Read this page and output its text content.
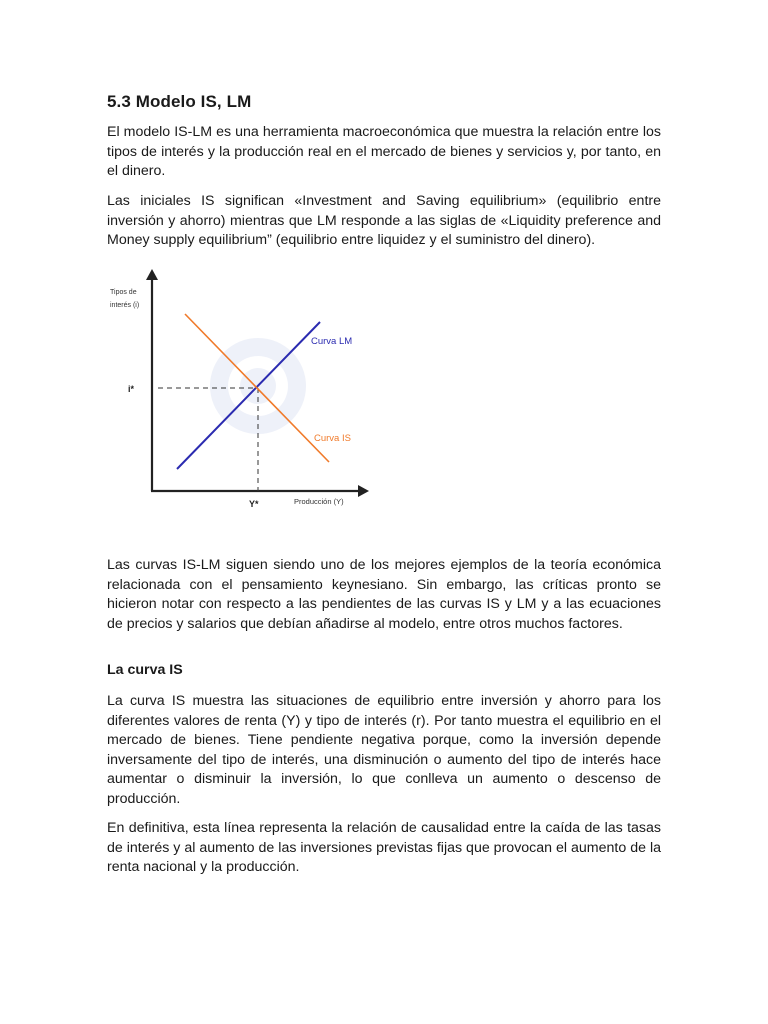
5.3 Modelo IS, LM

El modelo IS-LM es una herramienta macroeconómica que muestra la relación entre los tipos de interés y la producción real en el mercado de bienes y servicios y, por tanto, en el dinero.

Las iniciales IS significan «Investment and Saving equilibrium» (equilibrio entre inversión y ahorro) mientras que LM responde a las siglas de «Liquidity preference and Money supply equilibrium” (equilibrio entre liquidez y el suministro del dinero).

Las curvas IS-LM siguen siendo uno de los mejores ejemplos de la teoría económica relacionada con el pensamiento keynesiano. Sin embargo, las críticas pronto se hicieron notar con respecto a las pendientes de las curvas IS y LM y a las ecuaciones de precios y salarios que debían añadirse al modelo, entre otros muchos factores.

La curva IS

La curva IS muestra las situaciones de equilibrio entre inversión y ahorro para los diferentes valores de renta (Y) y tipo de interés (r). Por tanto muestra el equilibrio en el mercado de bienes. Tiene pendiente negativa porque, como la inversión depende inversamente del tipo de interés, una disminución o aumento del tipo de interés hace aumentar o disminuir la inversión, lo que conlleva un aumento o descenso de producción.

En definitiva, esta línea representa la relación de causalidad entre la caída de las tasas de interés y al aumento de las inversiones previstas fijas que provocan el aumento de la renta nacional y la producción.

Tipos de
interés (i)
Producción (Y)
i*
Y*
Curva LM
Curva IS
